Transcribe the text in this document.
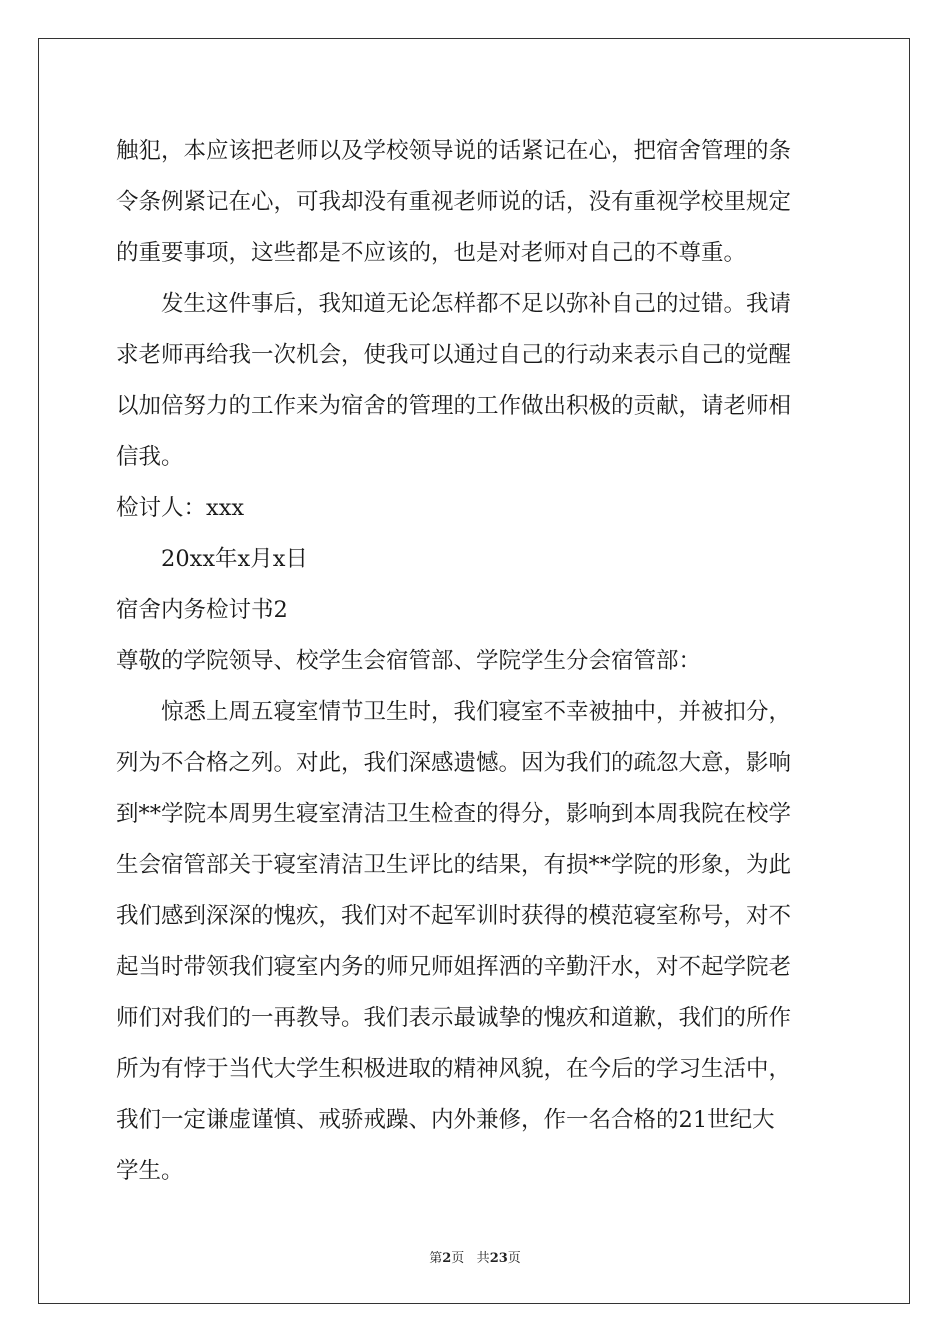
触犯，本应该把老师以及学校领导说的话紧记在心，把宿舍管理的条
令条例紧记在心，可我却没有重视老师说的话，没有重视学校里规定
的重要事项，这些都是不应该的，也是对老师对自己的不尊重。
发生这件事后，我知道无论怎样都不足以弥补自己的过错。我请
求老师再给我一次机会，使我可以通过自己的行动来表示自己的觉醒
以加倍努力的工作来为宿舍的管理的工作做出积极的贡献，请老师相
信我。
检讨人：xxx
20xx年x月x日
宿舍内务检讨书2
尊敬的学院领导、校学生会宿管部、学院学生分会宿管部：
惊悉上周五寝室情节卫生时，我们寝室不幸被抽中，并被扣分，
列为不合格之列。对此，我们深感遗憾。因为我们的疏忽大意，影响
到**学院本周男生寝室清洁卫生检查的得分，影响到本周我院在校学
生会宿管部关于寝室清洁卫生评比的结果，有损**学院的形象，为此
我们感到深深的愧疚，我们对不起军训时获得的模范寝室称号，对不
起当时带领我们寝室内务的师兄师姐挥洒的辛勤汗水，对不起学院老
师们对我们的一再教导。我们表示最诚挚的愧疚和道歉，我们的所作
所为有悖于当代大学生积极进取的精神风貌，在今后的学习生活中，
我们一定谦虚谨慎、戒骄戒躁、内外兼修，作一名合格的21世纪大
学生。
第2页 共23页
